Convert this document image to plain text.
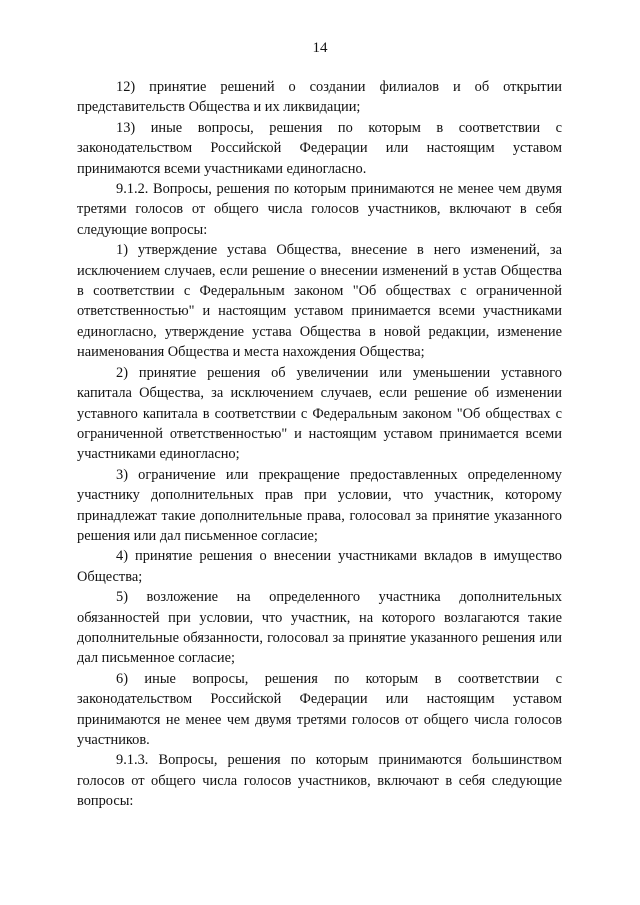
14

12) принятие решений о создании филиалов и об открытии представительств Общества и их ликвидации;

13) иные вопросы, решения по которым в соответствии с законодательством Российской Федерации или настоящим уставом принимаются всеми участниками единогласно.

9.1.2. Вопросы, решения по которым принимаются не менее чем двумя третями голосов от общего числа голосов участников, включают в себя следующие вопросы:

1) утверждение устава Общества, внесение в него изменений, за исключением случаев, если решение о внесении изменений в устав Общества в соответствии с Федеральным законом "Об обществах с ограниченной ответственностью" и настоящим уставом принимается всеми участниками единогласно, утверждение устава Общества в новой редакции, изменение наименования Общества и места нахождения Общества;

2) принятие решения об увеличении или уменьшении уставного капитала Общества, за исключением случаев, если решение об изменении уставного капитала в соответствии с Федеральным законом "Об обществах с ограниченной ответственностью" и настоящим уставом принимается всеми участниками единогласно;

3) ограничение или прекращение предоставленных определенному участнику дополнительных прав при условии, что участник, которому принадлежат такие дополнительные права, голосовал за принятие указанного решения или дал письменное согласие;

4) принятие решения о внесении участниками вкладов в имущество Общества;

5) возложение на определенного участника дополнительных обязанностей при условии, что участник, на которого возлагаются такие дополнительные обязанности, голосовал за принятие указанного решения или дал письменное согласие;

6) иные вопросы, решения по которым в соответствии с законодательством Российской Федерации или настоящим уставом принимаются не менее чем двумя третями голосов от общего числа голосов участников.

9.1.3. Вопросы, решения по которым принимаются большинством голосов от общего числа голосов участников, включают в себя следующие вопросы:
